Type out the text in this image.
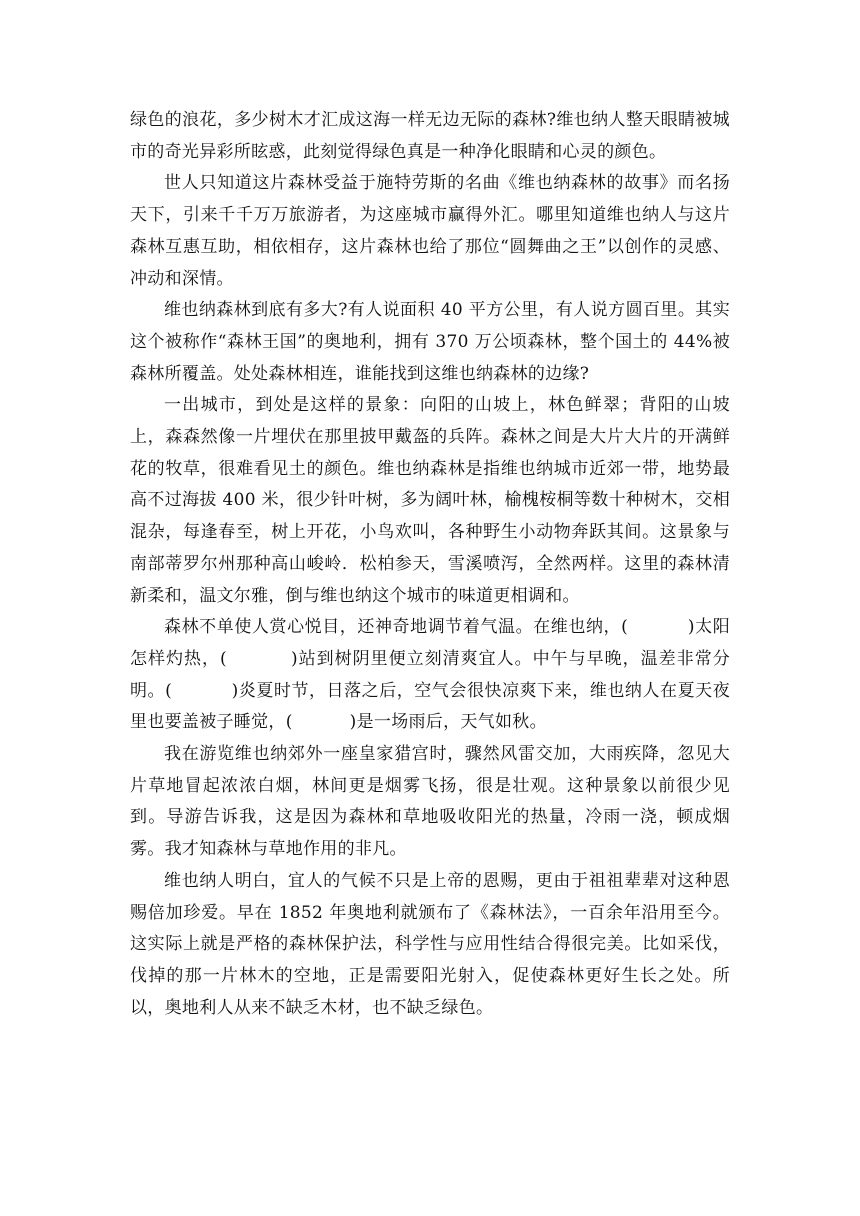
绿色的浪花，多少树木才汇成这海一样无边无际的森林?维也纳人整天眼睛被城市的奇光异彩所眩惑，此刻觉得绿色真是一种净化眼睛和心灵的颜色。

世人只知道这片森林受益于施特劳斯的名曲《维也纳森林的故事》而名扬天下，引来千千万万旅游者，为这座城市赢得外汇。哪里知道维也纳人与这片森林互惠互助，相依相存，这片森林也给了那位“圆舞曲之王”以创作的灵感、冲动和深情。

维也纳森林到底有多大?有人说面积 40 平方公里，有人说方圆百里。其实这个被称作“森林王国”的奥地利，拥有 370 万公顷森林，整个国土的 44%被森林所覆盖。处处森林相连，谁能找到这维也纳森林的边缘?

一出城市，到处是这样的景象：向阳的山坡上，林色鲜翠；背阳的山坡上，森森然像一片埋伏在那里披甲戴盔的兵阵。森林之间是大片大片的开满鲜花的牧草，很难看见土的颜色。维也纳森林是指维也纳城市近郊一带，地势最高不过海拔 400 米，很少针叶树，多为阔叶林，榆槐桉桐等数十种树木，交相混杂，每逢春至，树上开花，小鸟欢叫，各种野生小动物奔跃其间。这景象与南部蒂罗尔州那种高山峻岭．松柏参天，雪溪喷泻，全然两样。这里的森林清新柔和，温文尔雅，倒与维也纳这个城市的味道更相调和。

森林不单使人赏心悦目，还神奇地调节着气温。在维也纳，(          )太阳怎样灼热，(          )站到树阴里便立刻清爽宜人。中午与早晚，温差非常分明。(          )炎夏时节，日落之后，空气会很快凉爽下来，维也纳人在夏天夜里也要盖被子睡觉，(          )是一场雨后，天气如秋。

我在游览维也纳郊外一座皇家猎宫时，骤然风雷交加，大雨疾降，忽见大片草地冒起浓浓白烟，林间更是烟雾飞扬，很是壮观。这种景象以前很少见到。导游告诉我，这是因为森林和草地吸收阳光的热量，冷雨一浇，顿成烟雾。我才知森林与草地作用的非凡。

维也纳人明白，宜人的气候不只是上帝的恩赐，更由于祖祖辈辈对这种恩赐倍加珍爱。早在 1852 年奥地利就颁布了《森林法》，一百余年沿用至今。这实际上就是严格的森林保护法，科学性与应用性结合得很完美。比如采伐，伐掉的那一片林木的空地，正是需要阳光射入，促使森林更好生长之处。所以，奥地利人从来不缺乏木材，也不缺乏绿色。
